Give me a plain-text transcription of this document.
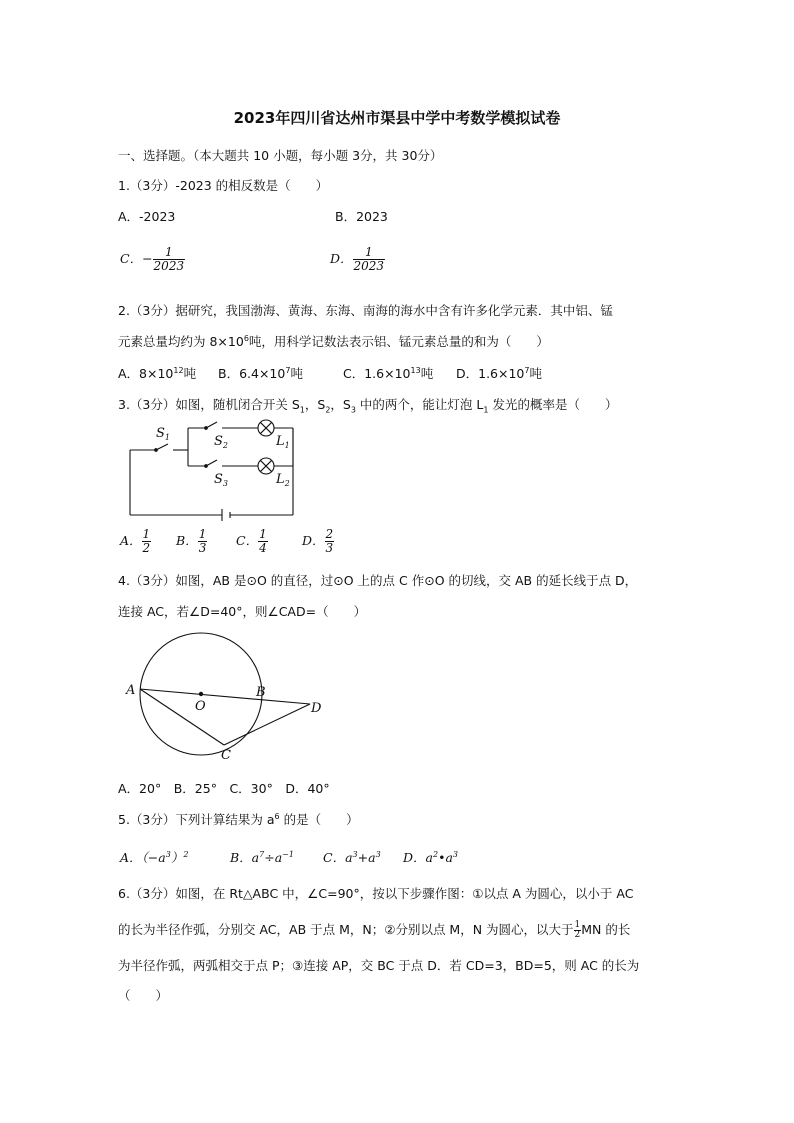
2023年四川省达州市渠县中学中考数学模拟试卷
一、选择题。（本大题共 10 小题，每小题 3分，共 30分）
1.（3分）-2023 的相反数是（　　）
A．-2023	B．2023
C．− $\frac{1}{2023}$	D． $\frac{1}{2023}$
2.（3分）据研究，我国渤海、黄海、东海、南海的海水中含有许多化学元素．其中铝、锰
元素总量均约为 $8\times 10^6$吨，用科学记数法表示铝、锰元素总量的和为（　　）
A．$8\times 10^{12}$吨 B．$6.4\times 10^7$吨	C．$1.6\times 10^{13}$吨 D．$1.6\times 10^7$吨
3.（3分）如图，随机闭合开关 $S_1$，$S_2$，$S_3$ 中的两个，能让灯泡 $L_1$ 发光的概率是（　　）
$S_1$	$S_2$
$S_3$
$L_1$
$L_2$
A． $\frac{1}{2}$ B． $\frac{1}{3}$ C． $\frac{1}{4}$	D． $\frac{2}{3}$
4.（3分）如图，AB 是⊙O 的直径，过⊙O 上的点 C 作⊙O 的切线，交 AB 的延长线于点 D，
连接 AC，若∠D=40°，则∠CAD=（　　）
A	B
O
C
D
A．20°　B．25°　C．30°　D．40°
5.（3分）下列计算结果为 $a^6$ 的是（　　）
A．$(-a^3)^2$	B．$a^7\div a^{-1}$ C．$a^3+a^3$ D．$a^2•a^3$
6.（3分）如图，在 Rt△ABC 中，∠C=90°，按以下步骤作图：①以点 A 为圆心，以小于 AC
的长为半径作弧，分别交 AC，AB 于点 M，N；②分别以点 M，N 为圆心，以大于 $\frac{1}{2}$ MN 的长
为半径作弧，两弧相交于点 P；③连接 AP，交 BC 于点 D．若 CD=3，BD=5，则 AC 的长为
（　　）
